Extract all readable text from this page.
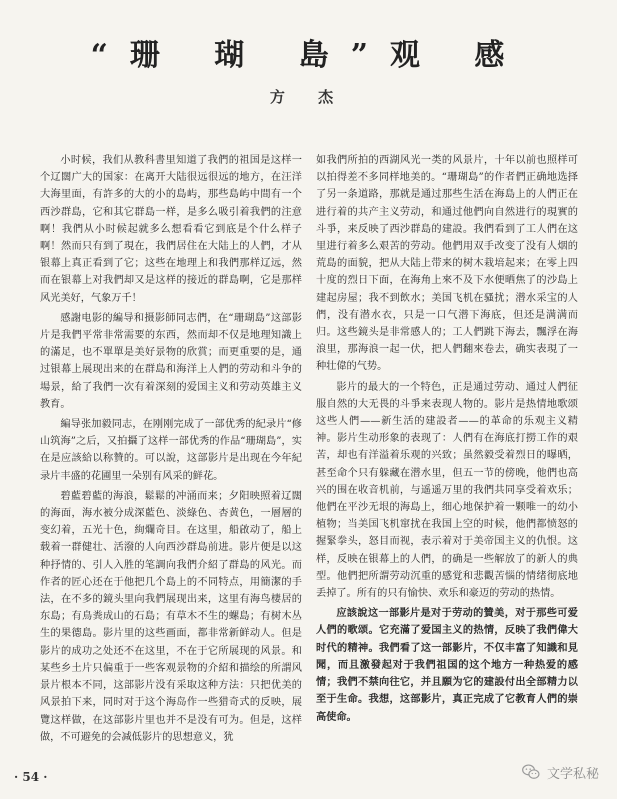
“珊 瑚 島”观 感
方 杰

小时候，我们从教科書里知道了我們的祖国是这样一个辽闊广大的国家：在离开大陆很远很远的地方，在汪洋大海里面，有許多的大的小的島屿，那些島屿中間有一个西沙群島，它和其它群島一样，是多么吸引着我們的注意啊！我們从小时候起就多么想看看它到底是个什么样子啊！然而只有到了現在，我們居住在大陆上的人們，才从银幕上真正看到了它；这些在地理上和我們那样辽远，然而在银幕上对我們却又是这样的接近的群島啊，它是那样风光美好，气象万千！

感謝电影的編导和摄影師同志們，在“珊瑚島”这部影片是我們平常非常需要的东西，然而却不仅是地理知識上的滿足，也不單單是美好景物的欣賞；而更重要的是，通过银幕上展现出来的在群島和海洋上人們的劳动和斗争的場景，給了我們一次有着深刻的爱国主义和劳动英雄主义教育。

編导张加毅同志，在刚刚完成了一部优秀的紀录片“修山筑海”之后，又拍攝了这样一部优秀的作品“珊瑚島”，实在是应該給以称贊的。可以說，这部影片是出现在今年紀录片丰盛的花圃里一朵别有风采的鲜花。

碧藍碧藍的海浪，鬆鬆的冲涌而来；夕阳映照着辽闊的海面，海水被分成深藍色、淡綠色、杏黄色，一層層的变幻着，五光十色，絢爛奇目。在这里，船啟动了，船上载着一群健壮、活潑的人向西沙群島前进。影片便是以这种抒情的、引人入胜的笔調向我們介紹了群島的风光。而作者的匠心还在于他把几个島上的不同特点，用簡潔的手法，在不多的鏡头里向我們展现出来，这里有海鸟棲居的东島；有鳥粪成山的石島；有草木不生的螺島；有树木丛生的果德島。影片里的这些画面，都非常新鲜动人。但是影片的成功之处还不在这里，不在于它所展现的风景。和某些乡土片只偏重于一些客观景物的介紹和描绘的所謂风景片根本不同，这部影片没有采取这种方法：只把优美的风景拍下来，同时对于这个海岛作一些猎奇式的反映，展覽这样做，在这部影片里也并不是没有可为。但是，这样做，不可避免的会减低影片的思想意义，犹

如我們所拍的西湖风光一类的风景片，十年以前也照样可以拍得差不多同样地美的。“珊瑚島”的作者們正确地选择了另一条道路，那就是通过那些生活在海島上的人們正在进行着的共产主义劳动，和通过他們向自然进行的現實的斗爭，来反映了西沙群島的建設。我們看到了工人們在这里进行着多么艰苦的劳动。他們用双手改变了没有人烟的荒島的面貌，把从大陆上带来的树木栽培起来；在零上四十度的烈日下面，在海角上來不及下水便晒焦了的沙島上建起房屋；我不到飲水；美国飞机在骚扰；潜水采宝的人們，没有潜水衣，只是一口气潜下海底，但还是满满而归。这些鏡头是非常感人的；工人們跳下海去，飄浮在海浪里，那海浪一起一伏，把人們翻來卷去，确实表現了一种壮偉的气势。

影片的最大的一个特色，正是通过劳动、通过人們征服自然的大无畏的斗爭来表现人物的。影片是热情地歌颂这些人們——新生活的建設者——的革命的乐观主义精神。影片生动形象的表现了：人們有在海底打撈工作的艰苦，却也有洋溢着乐观的兴致；虽然毅受着烈日的曝晒，甚至命个只有躲藏在潜水里，但五一节的傍晚，他們也高兴的围在收音机前，与遥遥万里的我們共同享受着欢乐；他們在平沙无垠的海島上，细心地保护着一颗唯一的幼小植物；当美国飞机窜扰在我国上空的时候，他們都愤怒的握緊拳头，怒目而视，表示着对于美帝国主义的仇恨。这样，反映在银幕上的人們，的确是一些解放了的新人的典型。他們把所謂劳动沉重的感覚和悲觀苦惱的情绪彻底地丢掉了。所有的只有愉快、欢乐和豪迈的劳动的热情。

应該說这一部影片是对于劳动的贊美，对于那些可爱人們的歌颂。它充滿了爱国主义的热情，反映了我們偉大时代的精神。我們看了这一部影片，不仅丰富了知識和見聞，而且激發起对于我們祖国的这个地方一种热爱的感情；我們不禁向往它，并且願为它的建設付出全部精力以至于生命。我想，这部影片，真正完成了它教育人們的崇高使命。

· 54 ·	文学私秘
